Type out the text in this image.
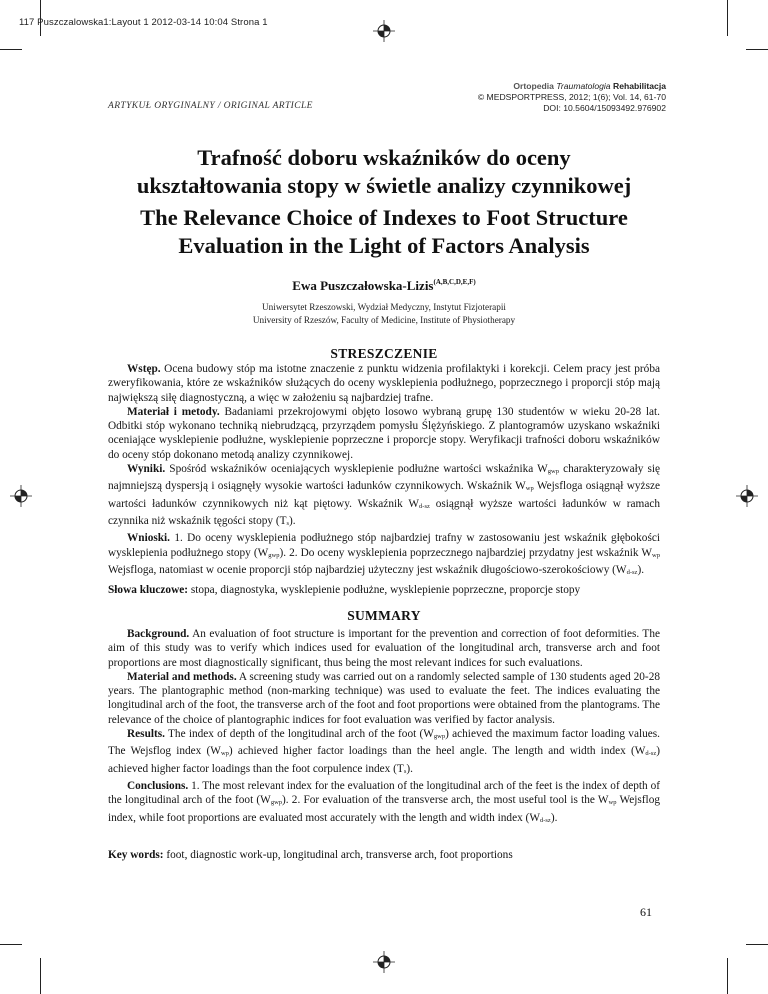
117 Puszczalowska1:Layout 1 2012-03-14 10:04 Strona 1
ARTYKUŁ ORYGINALNY / ORIGINAL ARTICLE
Ortopedia Traumatologia Rehabilitacja
© MEDSPORTPRESS, 2012; 1(6); Vol. 14, 61-70
DOI: 10.5604/15093492.976902
Trafność doboru wskaźników do oceny
ukształtowania stopy w świetle analizy czynnikowej
The Relevance Choice of Indexes to Foot Structure
Evaluation in the Light of Factors Analysis
Ewa Puszczałowska-Lizis$^{(A,B,C,D,E,F)}$
Uniwersytet Rzeszowski, Wydział Medyczny, Instytut Fizjoterapii
University of Rzeszów, Faculty of Medicine, Institute of Physiotherapy
STRESZCZENIE

Wstęp. Ocena budowy stóp ma istotne znaczenie z punktu widzenia profilaktyki i korekcji. Celem pracy jest próba zweryfikowania, które ze wskaźników służących do oceny wysklepienia podłużnego, poprzecznego i proporcji stóp mają największą siłę diagnostyczną, a więc w założeniu są najbardziej trafne.

Materiał i metody. Badaniami przekrojowymi objęto losowo wybraną grupę 130 studentów w wieku 20-28 lat. Odbitki stóp wykonano techniką niebrudzącą, przyrządem pomysłu Ślężyńskiego. Z plantogramów uzyskano wskaźniki oceniające wysklepienie podłużne, wysklepienie poprzeczne i proporcje stopy. Weryfikacji trafności doboru wskaźników do oceny stóp dokonano metodą analizy czynnikowej.

Wyniki. Spośród wskaźników oceniających wysklepienie podłużne wartości wskaźnika $W_{gwp}$ charakteryzowały się najmniejszą dyspersją i osiągnęły wysokie wartości ładunków czynnikowych. Wskaźnik $W_{wp}$ Wejsfloga osiągnął wyższe wartości ładunków czynnikowych niż kąt piętowy. Wskaźnik $W_{d-sz}$ osiągnął wyższe wartości ładunków w ramach czynnika niż wskaźnik tęgości stopy $(T_s)$.

Wnioski. 1. Do oceny wysklepienia podłużnego stóp najbardziej trafny w zastosowaniu jest wskaźnik głębokości wysklepienia podłużnego stopy $(W_{gwp})$. 2. Do oceny wysklepienia poprzecznego najbardziej przydatny jest wskaźnik $W_{wp}$ Wejsfloga, natomiast w ocenie proporcji stóp najbardziej użyteczny jest wskaźnik długościowo-szerokościowy $(W_{d-sz})$.

Słowa kluczowe: stopa, diagnostyka, wysklepienie podłużne, wysklepienie poprzeczne, proporcje stopy
SUMMARY

Background. An evaluation of foot structure is important for the prevention and correction of foot deformities. The aim of this study was to verify which indices used for evaluation of the longitudinal arch, transverse arch and foot proportions are most diagnostically significant, thus being the most relevant indices for such evaluations.

Material and methods. A screening study was carried out on a randomly selected sample of 130 students aged 20-28 years. The plantographic method (non-marking technique) was used to evaluate the feet. The indices evaluating the longitudinal arch of the foot, the transverse arch of the foot and foot proportions were obtained from the plantograms. The relevance of the choice of plantographic indices for foot evaluation was verified by factor analysis.

Results. The index of depth of the longitudinal arch of the foot $(W_{gwp})$ achieved the maximum factor loading values. The Wejsflog index $(W_{wp})$ achieved higher factor loadings than the heel angle. The length and width index $(W_{d-sz})$ achieved higher factor loadings than the foot corpulence index $(T_s)$.

Conclusions. 1. The most relevant index for the evaluation of the longitudinal arch of the feet is the index of depth of the longitudinal arch of the foot $(W_{gwp})$. 2. For evaluation of the transverse arch, the most useful tool is the $W_{wp}$ Wejsflog index, while foot proportions are evaluated most accurately with the length and width index $(W_{d-sz})$.

Key words: foot, diagnostic work-up, longitudinal arch, transverse arch, foot proportions
61
